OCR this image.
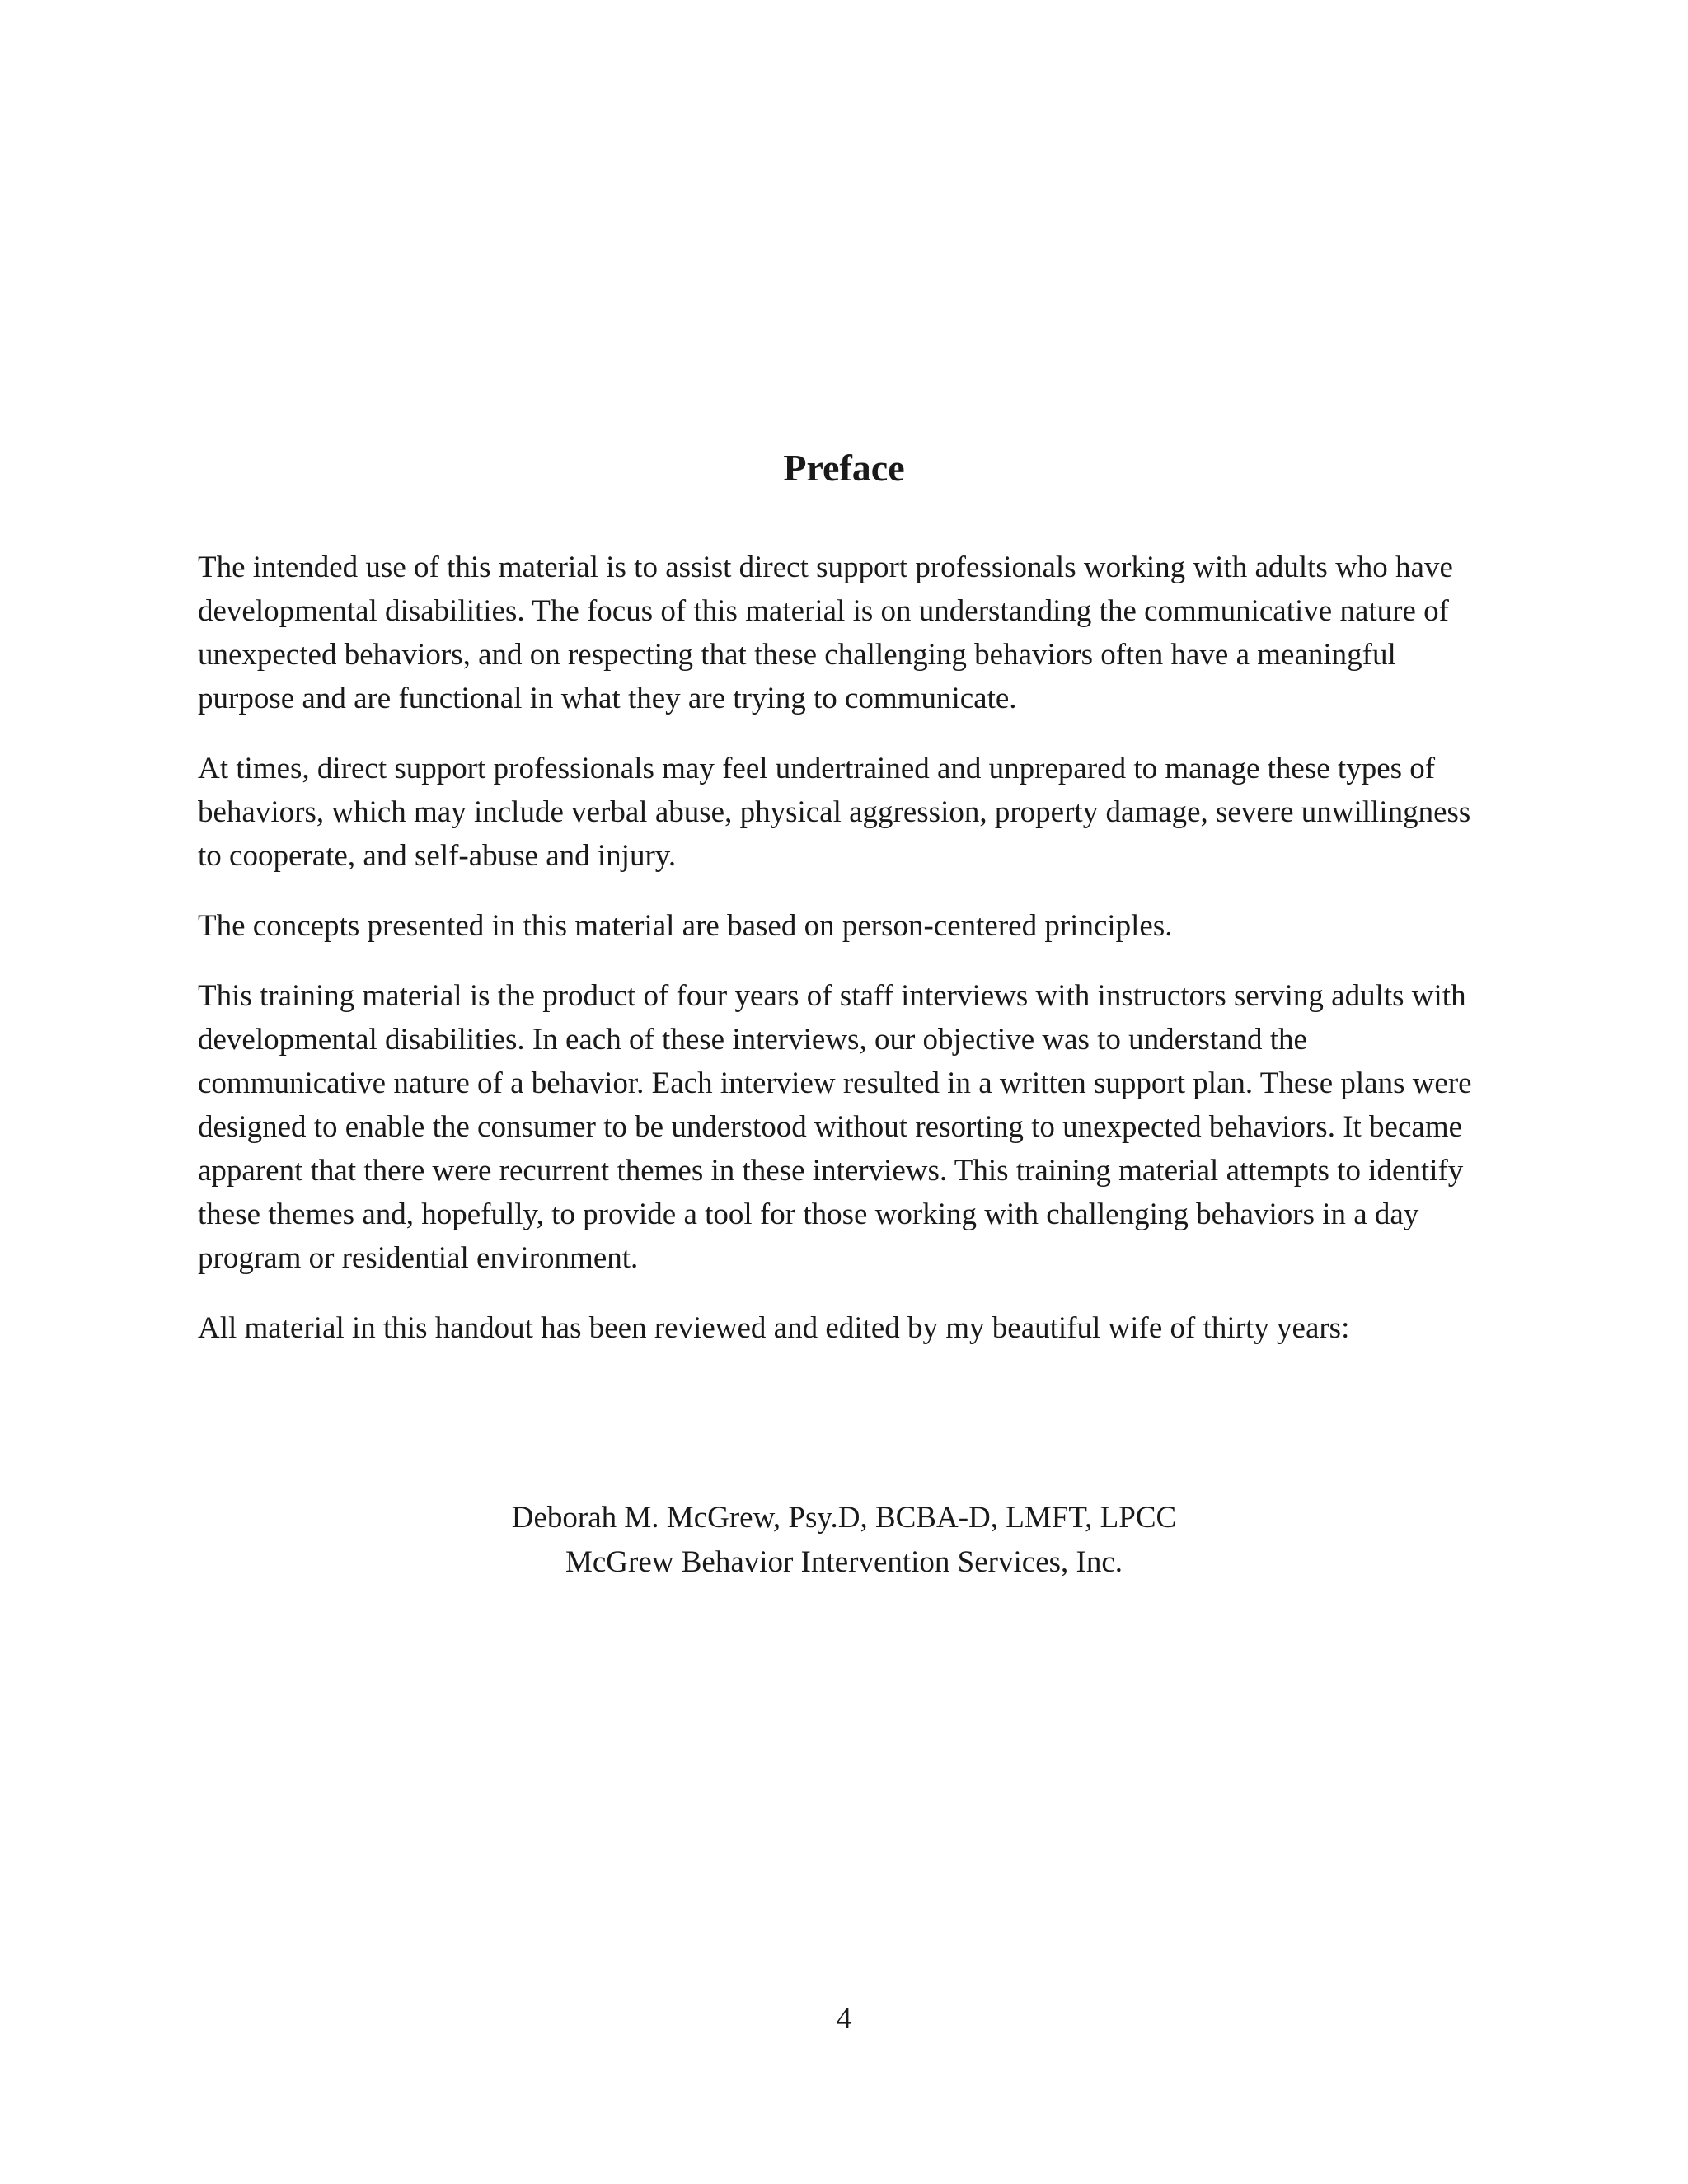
Preface

The intended use of this material is to assist direct support professionals working with adults who have developmental disabilities. The focus of this material is on understanding the communicative nature of unexpected behaviors, and on respecting that these challenging behaviors often have a meaningful purpose and are functional in what they are trying to communicate.

At times, direct support professionals may feel undertrained and unprepared to manage these types of behaviors, which may include verbal abuse, physical aggression, property damage, severe unwillingness to cooperate, and self-abuse and injury.

The concepts presented in this material are based on person-centered principles.

This training material is the product of four years of staff interviews with instructors serving adults with developmental disabilities. In each of these interviews, our objective was to understand the communicative nature of a behavior. Each interview resulted in a written support plan. These plans were designed to enable the consumer to be understood without resorting to unexpected behaviors. It became apparent that there were recurrent themes in these interviews. This training material attempts to identify these themes and, hopefully, to provide a tool for those working with challenging behaviors in a day program or residential environment.

All material in this handout has been reviewed and edited by my beautiful wife of thirty years:

Deborah M. McGrew, Psy.D, BCBA-D, LMFT, LPCC
McGrew Behavior Intervention Services, Inc.
4
